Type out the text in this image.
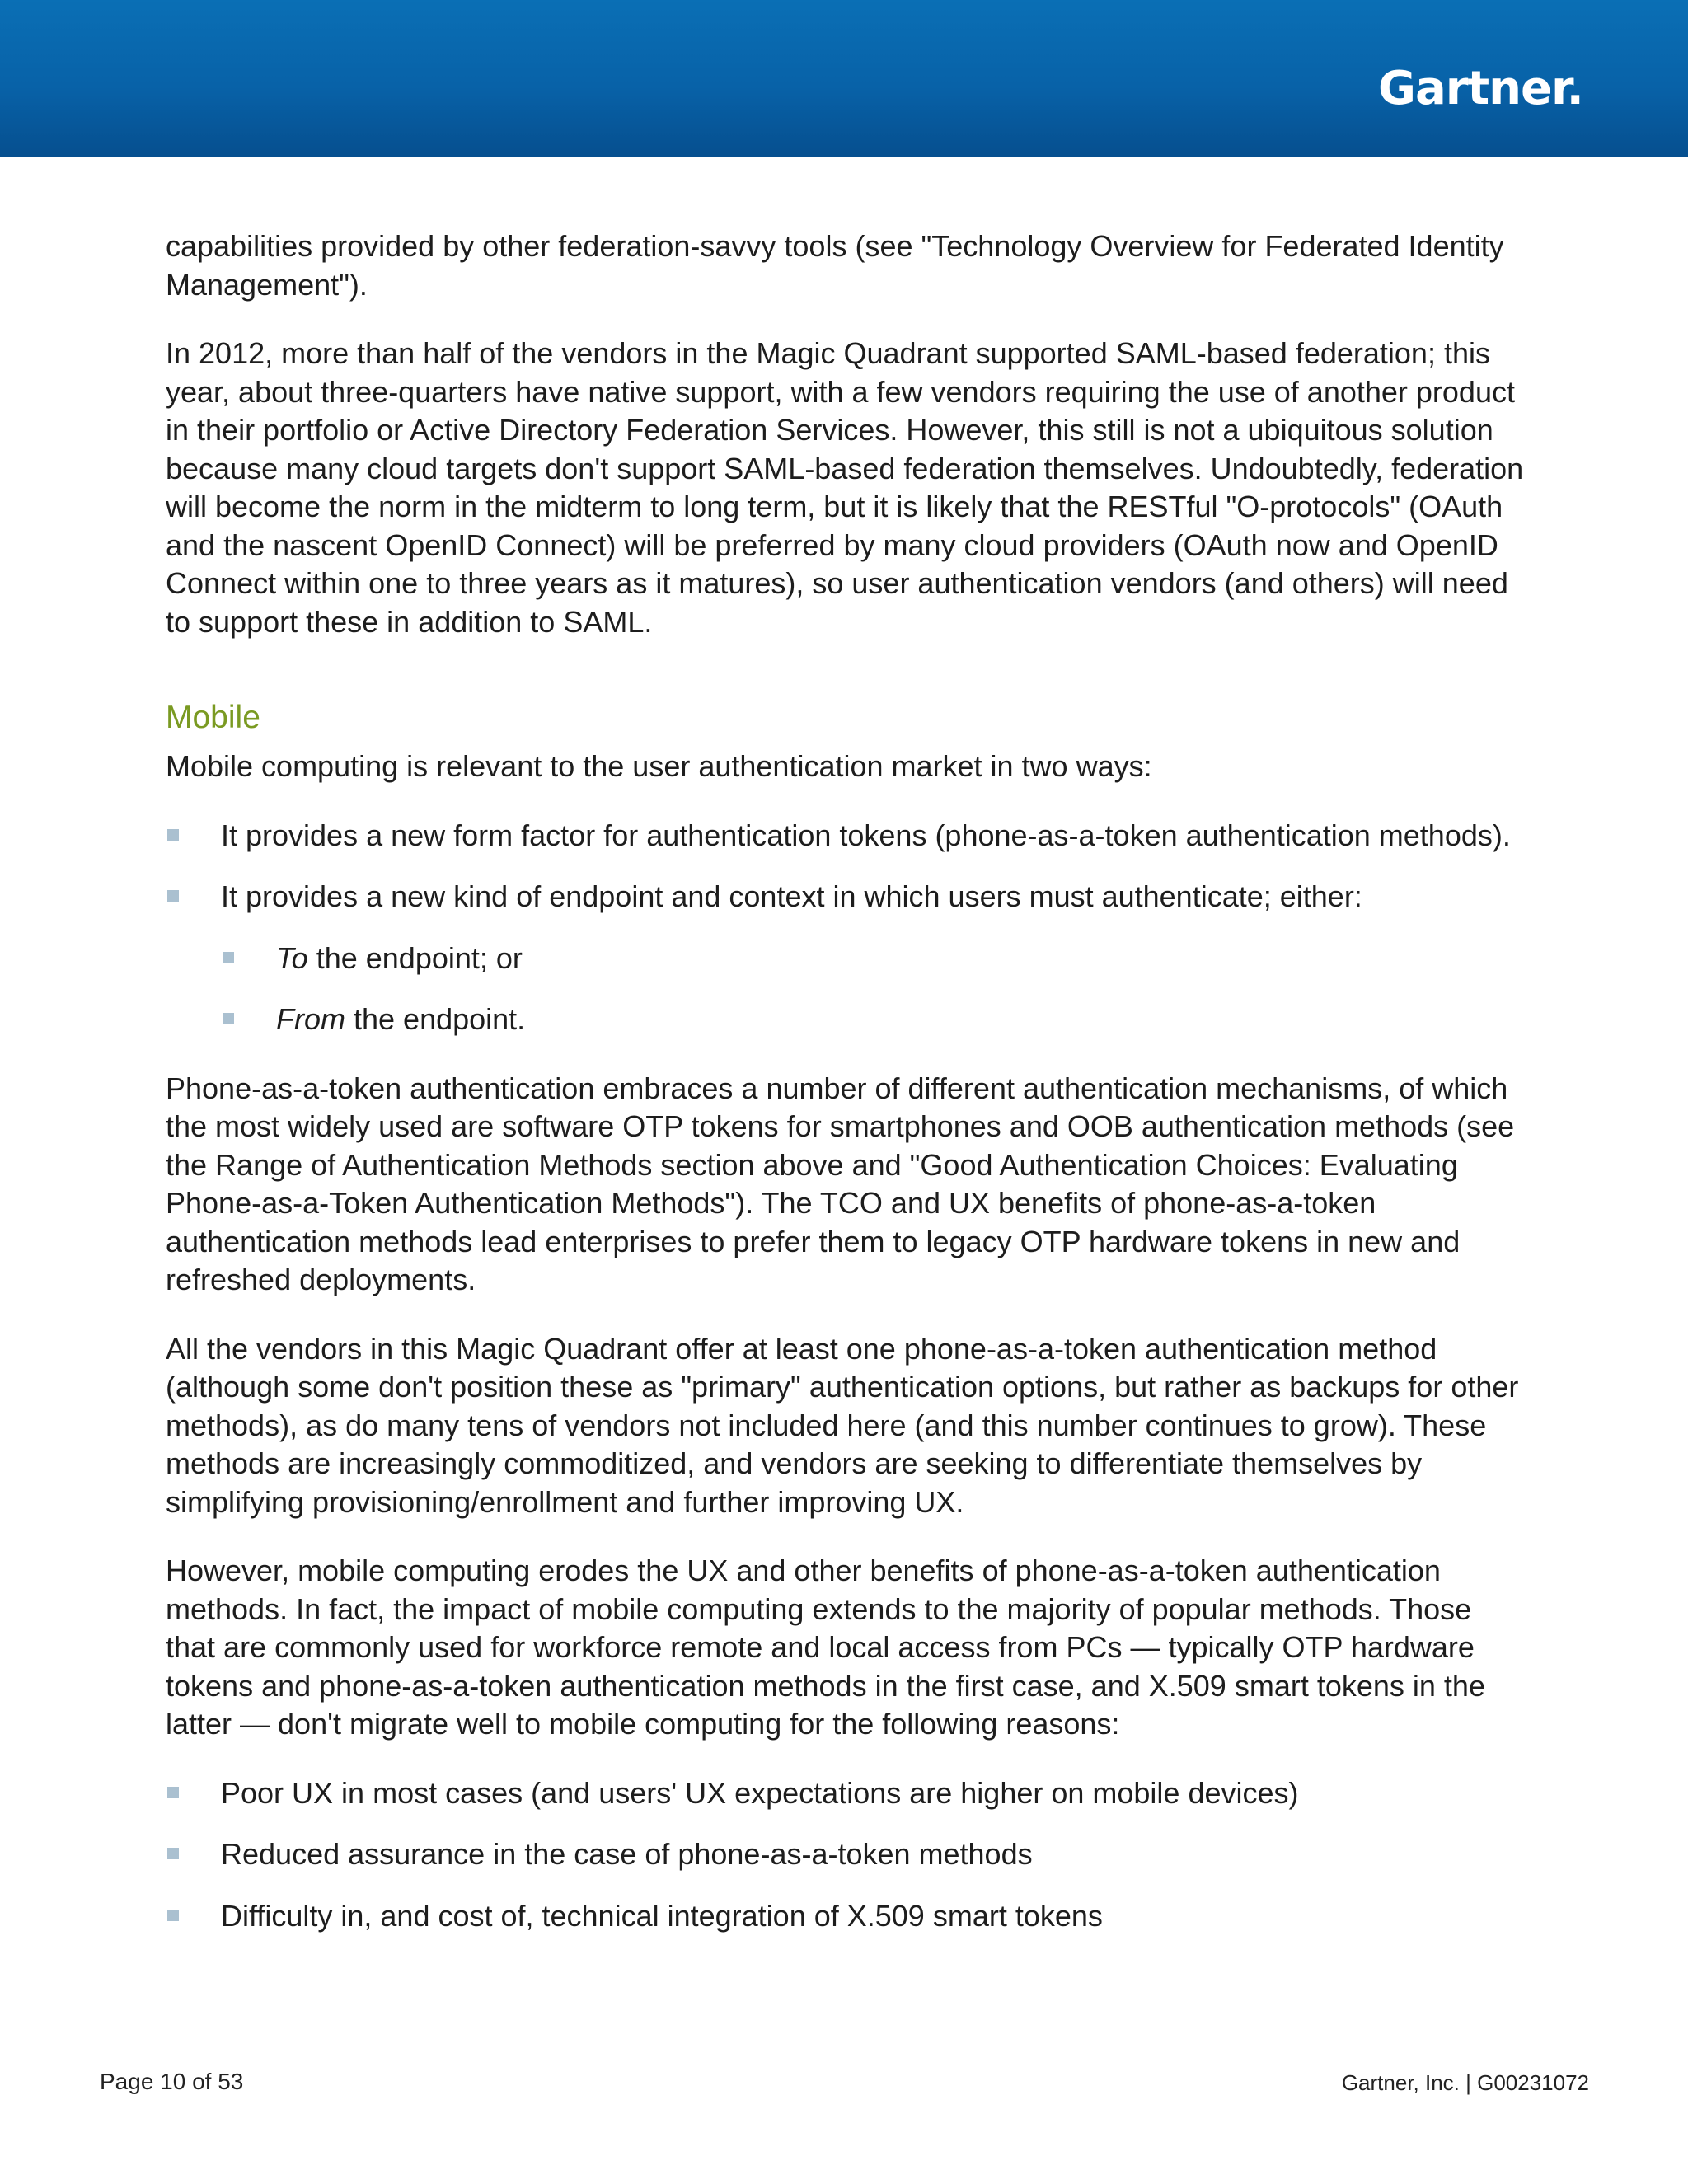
Gartner.

capabilities provided by other federation-savvy tools (see "Technology Overview for Federated Identity Management").

In 2012, more than half of the vendors in the Magic Quadrant supported SAML-based federation; this year, about three-quarters have native support, with a few vendors requiring the use of another product in their portfolio or Active Directory Federation Services. However, this still is not a ubiquitous solution because many cloud targets don't support SAML-based federation themselves. Undoubtedly, federation will become the norm in the midterm to long term, but it is likely that the RESTful "O-protocols" (OAuth and the nascent OpenID Connect) will be preferred by many cloud providers (OAuth now and OpenID Connect within one to three years as it matures), so user authentication vendors (and others) will need to support these in addition to SAML.

Mobile

Mobile computing is relevant to the user authentication market in two ways:

It provides a new form factor for authentication tokens (phone-as-a-token authentication methods).
It provides a new kind of endpoint and context in which users must authenticate; either:
To the endpoint; or
From the endpoint.

Phone-as-a-token authentication embraces a number of different authentication mechanisms, of which the most widely used are software OTP tokens for smartphones and OOB authentication methods (see the Range of Authentication Methods section above and "Good Authentication Choices: Evaluating Phone-as-a-Token Authentication Methods"). The TCO and UX benefits of phone-as-a-token authentication methods lead enterprises to prefer them to legacy OTP hardware tokens in new and refreshed deployments.

All the vendors in this Magic Quadrant offer at least one phone-as-a-token authentication method (although some don't position these as "primary" authentication options, but rather as backups for other methods), as do many tens of vendors not included here (and this number continues to grow). These methods are increasingly commoditized, and vendors are seeking to differentiate themselves by simplifying provisioning/enrollment and further improving UX.

However, mobile computing erodes the UX and other benefits of phone-as-a-token authentication methods. In fact, the impact of mobile computing extends to the majority of popular methods. Those that are commonly used for workforce remote and local access from PCs — typically OTP hardware tokens and phone-as-a-token authentication methods in the first case, and X.509 smart tokens in the latter — don't migrate well to mobile computing for the following reasons:

Poor UX in most cases (and users' UX expectations are higher on mobile devices)
Reduced assurance in the case of phone-as-a-token methods
Difficulty in, and cost of, technical integration of X.509 smart tokens
Page 10 of 53	Gartner, Inc. | G00231072
